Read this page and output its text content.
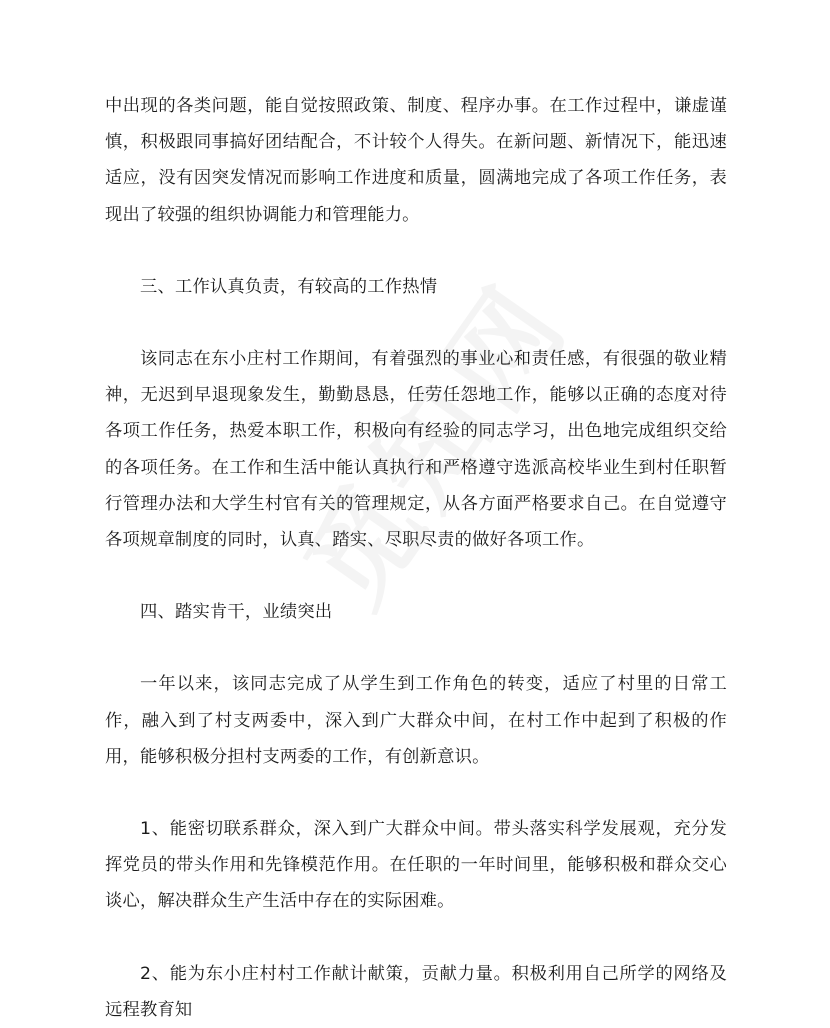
中出现的各类问题，能自觉按照政策、制度、程序办事。在工作过程中，谦虚谨慎，积极跟同事搞好团结配合，不计较个人得失。在新问题、新情况下，能迅速适应，没有因突发情况而影响工作进度和质量，圆满地完成了各项工作任务，表现出了较强的组织协调能力和管理能力。

三、工作认真负责，有较高的工作热情

该同志在东小庄村工作期间，有着强烈的事业心和责任感，有很强的敬业精神，无迟到早退现象发生，勤勤恳恳，任劳任怨地工作，能够以正确的态度对待各项工作任务，热爱本职工作，积极向有经验的同志学习，出色地完成组织交给的各项任务。在工作和生活中能认真执行和严格遵守选派高校毕业生到村任职暂行管理办法和大学生村官有关的管理规定，从各方面严格要求自己。在自觉遵守各项规章制度的同时，认真、踏实、尽职尽责的做好各项工作。

四、踏实肯干，业绩突出

一年以来，该同志完成了从学生到工作角色的转变，适应了村里的日常工作，融入到了村支两委中，深入到广大群众中间，在村工作中起到了积极的作用，能够积极分担村支两委的工作，有创新意识。

1、能密切联系群众，深入到广大群众中间。带头落实科学发展观，充分发挥党员的带头作用和先锋模范作用。在任职的一年时间里，能够积极和群众交心谈心，解决群众生产生活中存在的实际困难。

2、能为东小庄村村工作献计献策，贡献力量。积极利用自己所学的网络及远程教育知
